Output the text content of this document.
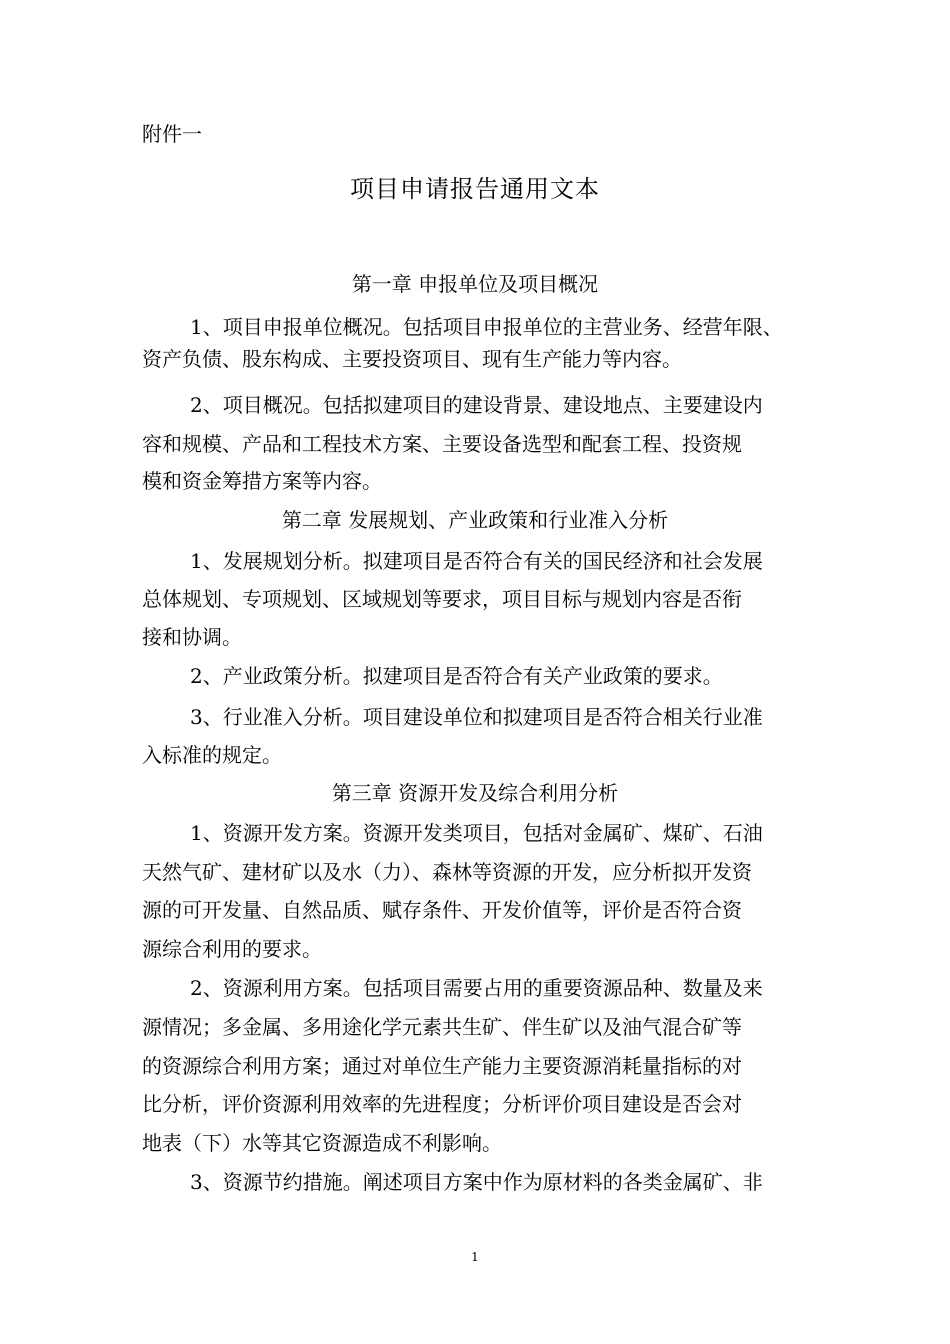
附件一
项目申请报告通用文本
第一章 申报单位及项目概况
1、项目申报单位概况。包括项目申报单位的主营业务、经营年限、
资产负债、股东构成、主要投资项目、现有生产能力等内容。
2、项目概况。包括拟建项目的建设背景、建设地点、主要建设内
容和规模、产品和工程技术方案、主要设备选型和配套工程、投资规
模和资金筹措方案等内容。
第二章 发展规划、产业政策和行业准入分析
1、发展规划分析。拟建项目是否符合有关的国民经济和社会发展
总体规划、专项规划、区域规划等要求，项目目标与规划内容是否衔
接和协调。
2、产业政策分析。拟建项目是否符合有关产业政策的要求。
3、行业准入分析。项目建设单位和拟建项目是否符合相关行业准
入标准的规定。
第三章 资源开发及综合利用分析
1、资源开发方案。资源开发类项目，包括对金属矿、煤矿、石油
天然气矿、建材矿以及水（力）、森林等资源的开发，应分析拟开发资
源的可开发量、自然品质、赋存条件、开发价值等，评价是否符合资
源综合利用的要求。
2、资源利用方案。包括项目需要占用的重要资源品种、数量及来
源情况；多金属、多用途化学元素共生矿、伴生矿以及油气混合矿等
的资源综合利用方案；通过对单位生产能力主要资源消耗量指标的对
比分析，评价资源利用效率的先进程度；分析评价项目建设是否会对
地表（下）水等其它资源造成不利影响。
3、资源节约措施。阐述项目方案中作为原材料的各类金属矿、非
1
